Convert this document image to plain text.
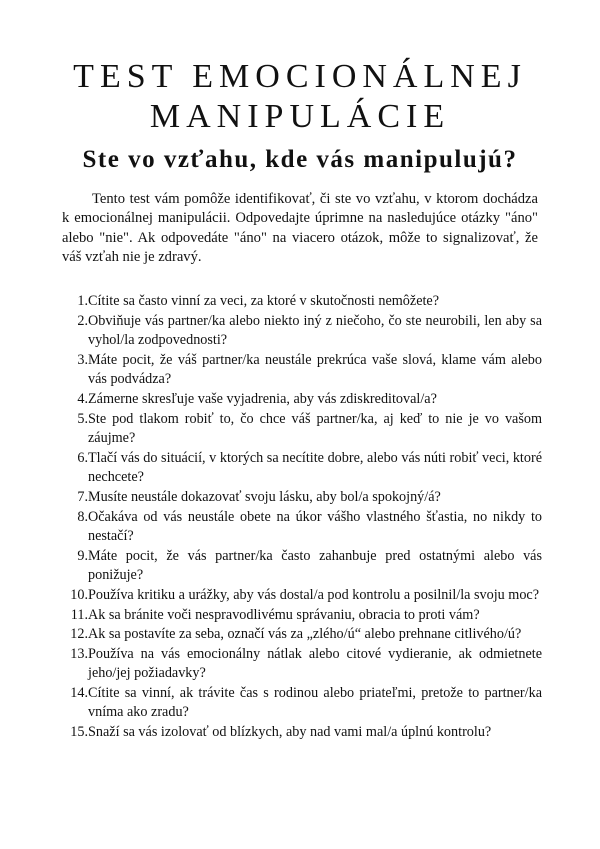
TEST EMOCIONÁLNEJ
MANIPULÁCIE
Ste vo vzťahu, kde vás manipulujú?

Tento test vám pomôže identifikovať, či ste vo vzťahu, v ktorom dochádza k emocionálnej manipulácii. Odpovedajte úprimne na nasledujúce otázky "áno" alebo "nie". Ak odpovedáte "áno" na viacero otázok, môže to signalizovať, že váš vzťah nie je zdravý.

1. Cítite sa často vinní za veci, za ktoré v skutočnosti nemôžete?
2. Obviňuje vás partner/ka alebo niekto iný z niečoho, čo ste neurobili, len aby sa vyhol/la zodpovednosti?
3. Máte pocit, že váš partner/ka neustále prekrúca vaše slová, klame vám alebo vás podvádza?
4. Zámerne skresľuje vaše vyjadrenia, aby vás zdiskreditoval/a?
5. Ste pod tlakom robiť to, čo chce váš partner/ka, aj keď to nie je vo vašom záujme?
6. Tlačí vás do situácií, v ktorých sa necítite dobre, alebo vás núti robiť veci, ktoré nechcete?
7. Musíte neustále dokazovať svoju lásku, aby bol/a spokojný/á?
8. Očakáva od vás neustále obete na úkor vášho vlastného šťastia, no nikdy to nestačí?
9. Máte pocit, že vás partner/ka často zahanbuje pred ostatnými alebo vás ponižuje?
10. Používa kritiku a urážky, aby vás dostal/a pod kontrolu a posilnil/la svoju moc?
11. Ak sa bránite voči nespravodlivému správaniu, obracia to proti vám?
12. Ak sa postavíte za seba, označí vás za „zlého/ú“ alebo prehnane citlivého/ú?
13. Používa na vás emocionálny nátlak alebo citové vydieranie, ak odmietnete jeho/jej požiadavky?
14. Cítite sa vinní, ak trávite čas s rodinou alebo priateľmi, pretože to partner/ka vníma ako zradu?
15. Snaží sa vás izolovať od blízkych, aby nad vami mal/a úplnú kontrolu?
